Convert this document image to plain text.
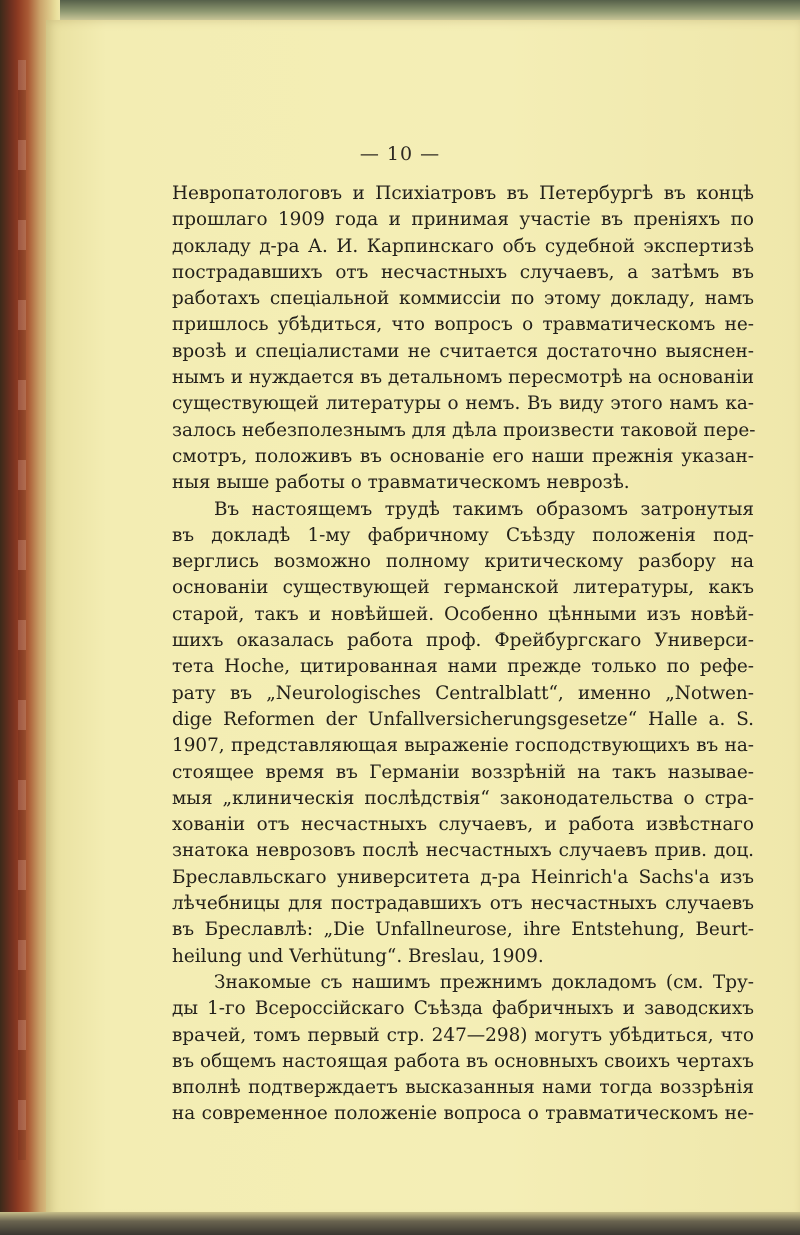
— 10 —
Невропатологовъ и Психіатровъ въ Петербургѣ въ концѣ
прошлаго 1909 года и принимая участіе въ преніяхъ по
докладу д-ра А. И. Карпинскаго объ судебной экспертизѣ
пострадавшихъ отъ несчастныхъ случаевъ, а затѣмъ въ
работахъ спеціальной коммиссіи по этому докладу, намъ
пришлось убѣдиться, что вопросъ о травматическомъ не-
врозѣ и спеціалистами не считается достаточно выяснен-
нымъ и нуждается въ детальномъ пересмотрѣ на основаніи
существующей литературы о немъ. Въ виду этого намъ ка-
залось небезполезнымъ для дѣла произвести таковой пере-
смотръ, положивъ въ основаніе его наши прежнія указан-
ныя выше работы о травматическомъ неврозѣ.
Въ настоящемъ трудѣ такимъ образомъ затронутыя
въ докладѣ 1-му фабричному Съѣзду положенія под-
верглись возможно полному критическому разбору на
основаніи существующей германской литературы, какъ
старой, такъ и новѣйшей. Особенно цѣнными изъ новѣй-
шихъ оказалась работа проф. Фрейбургскаго Универси-
тета Hoche, цитированная нами прежде только по рефе-
рату въ „Neurologisches Centralblatt“, именно „Notwen-
dige Reformen der Unfallversicherungsgesetze“ Halle a. S.
1907, представляющая выраженіе господствующихъ въ на-
стоящее время въ Германіи воззрѣній на такъ называе-
мыя „клиническія послѣдствія“ законодательства о стра-
хованіи отъ несчастныхъ случаевъ, и работа извѣстнаго
знатока неврозовъ послѣ несчастныхъ случаевъ прив. доц.
Бреславльскаго университета д-ра Heinrich'а Sachs'а изъ
лѣчебницы для пострадавшихъ отъ несчастныхъ случаевъ
въ Бреславлѣ: „Die Unfallneurose, ihre Entstehung, Beurt-
heilung und Verhütung“. Breslau, 1909.
Знакомые съ нашимъ прежнимъ докладомъ (см. Тру-
ды 1-го Всероссійскаго Съѣзда фабричныхъ и заводскихъ
врачей, томъ первый стр. 247—298) могутъ убѣдиться, что
въ общемъ настоящая работа въ основныхъ своихъ чертахъ
вполнѣ подтверждаетъ высказанныя нами тогда воззрѣнія
на современное положеніе вопроса о травматическомъ не-
